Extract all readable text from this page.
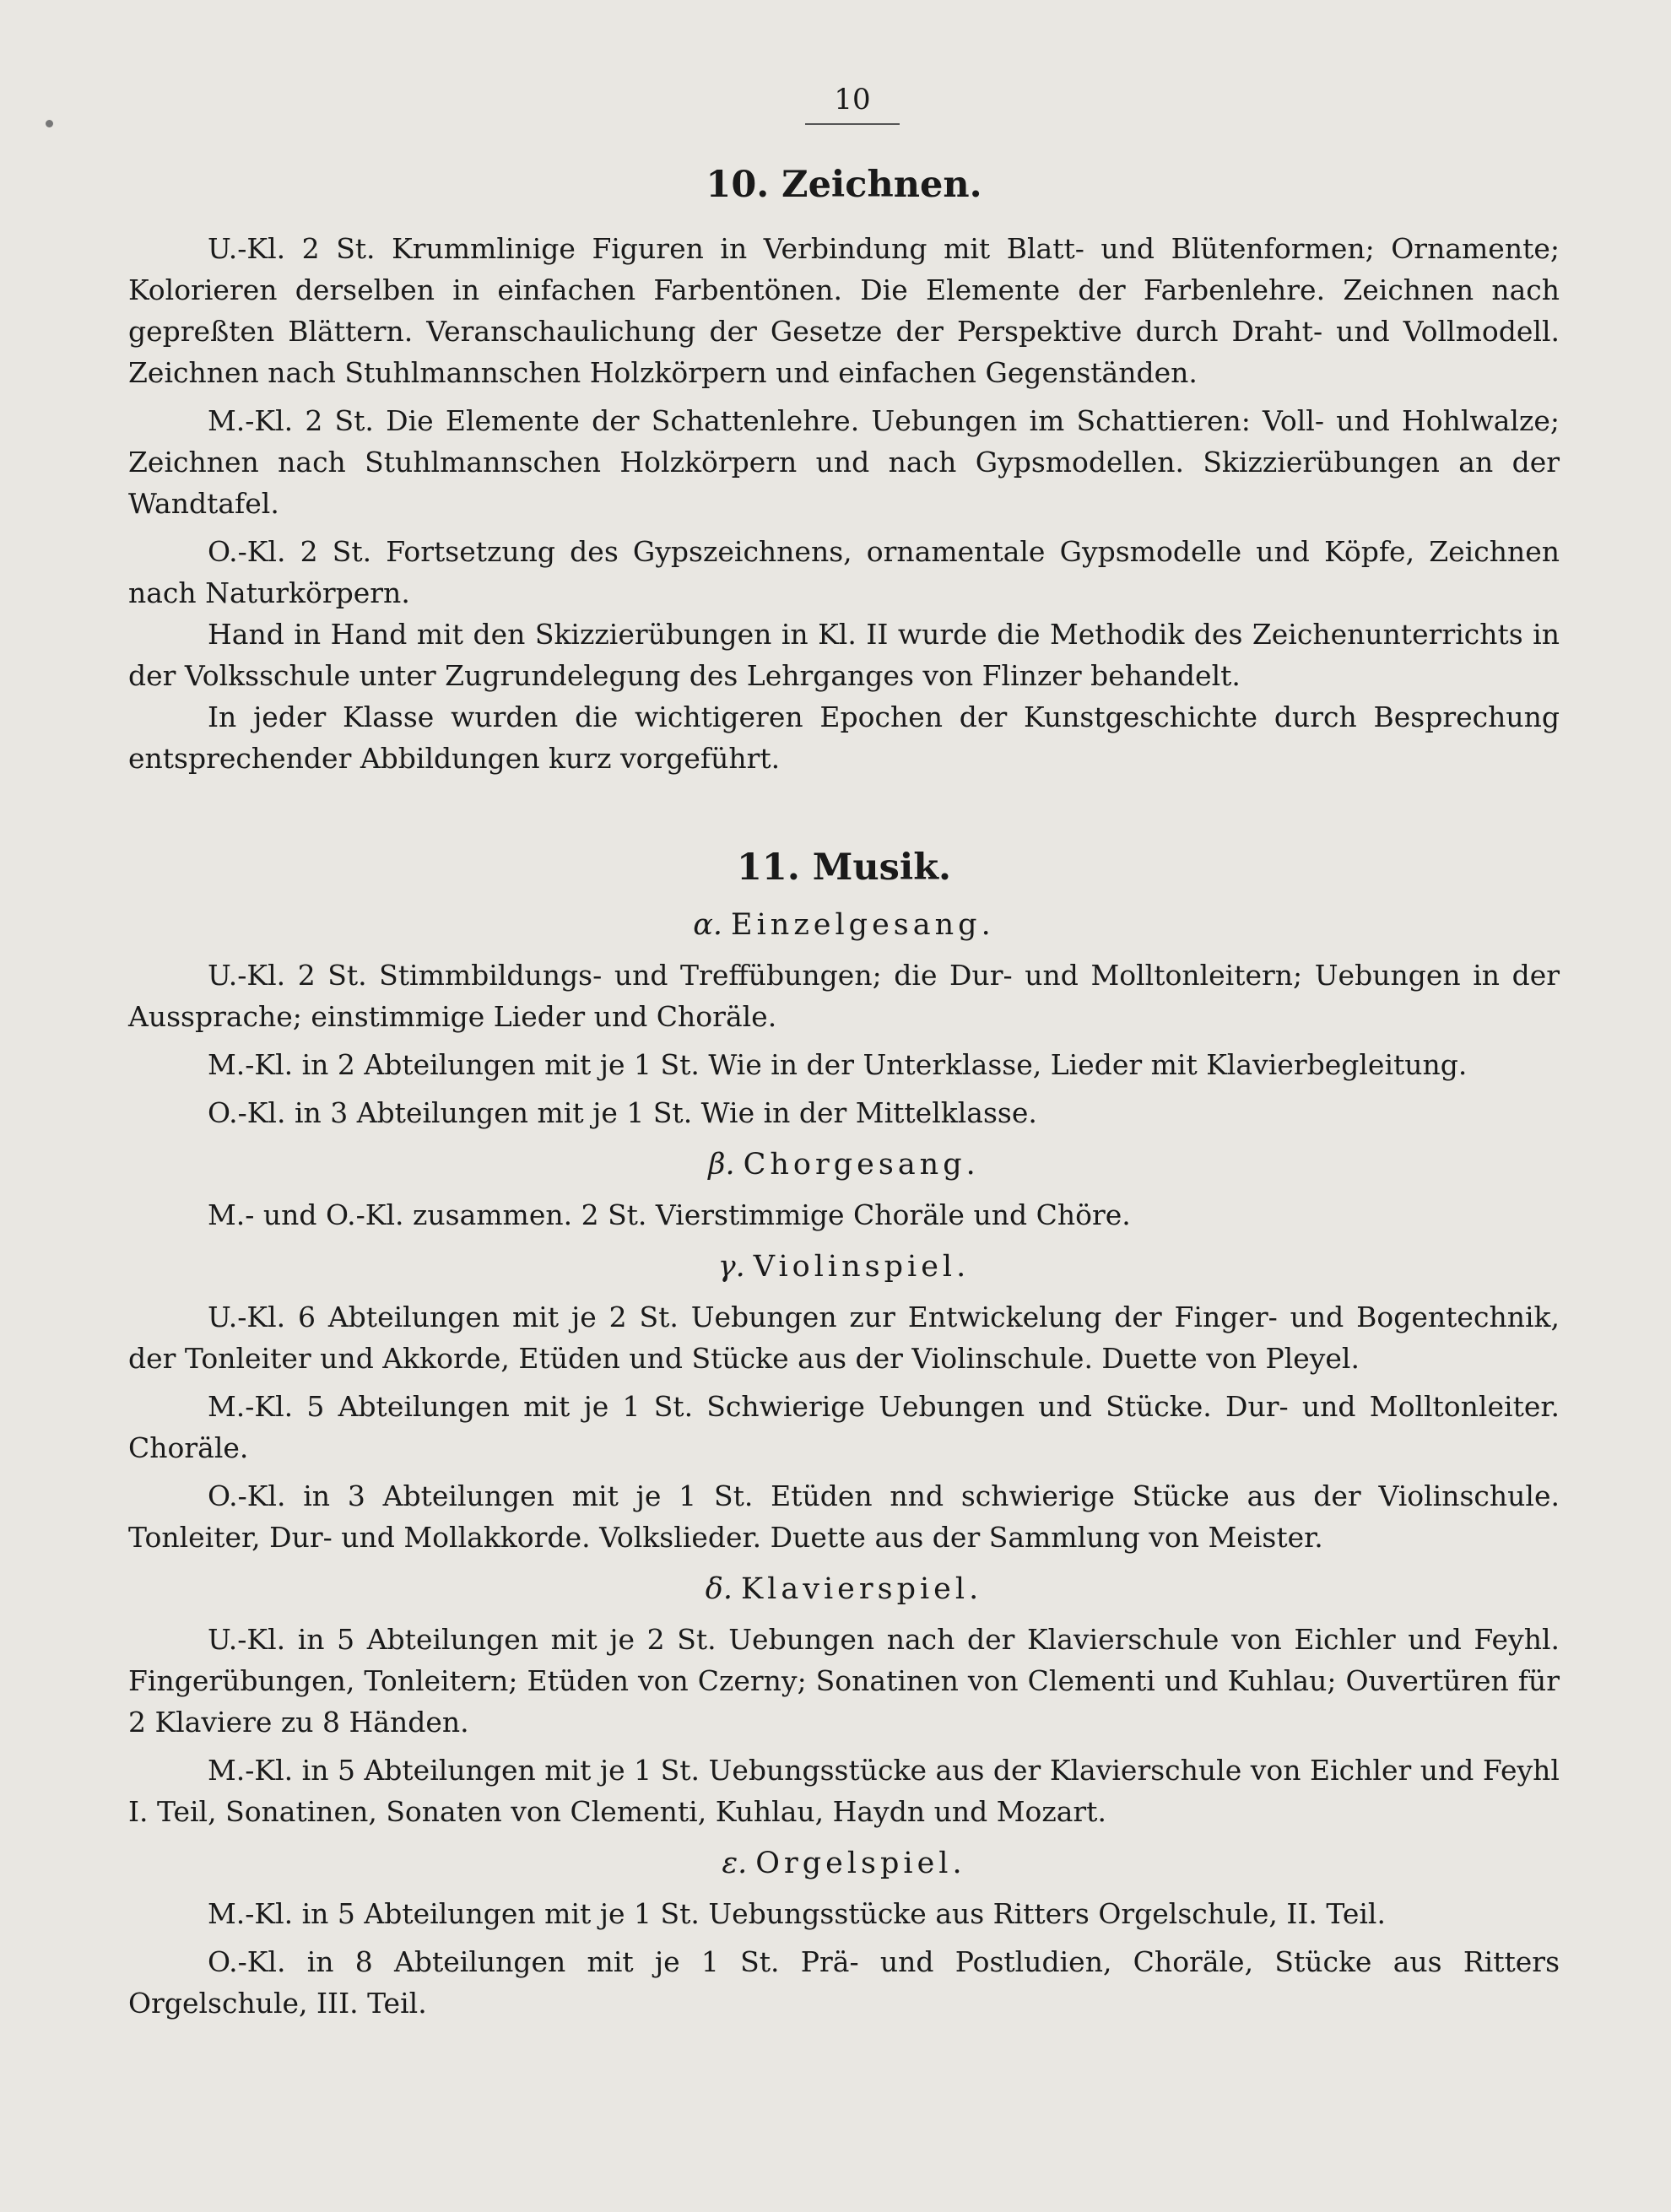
10
10. Zeichnen.

U.-Kl. 2 St. Krummlinige Figuren in Verbindung mit Blatt- und Blütenformen; Ornamente; Kolorieren derselben in einfachen Farbentönen. Die Elemente der Farbenlehre. Zeichnen nach gepreßten Blättern. Veranschaulichung der Gesetze der Perspektive durch Draht- und Vollmodell. Zeichnen nach Stuhlmannschen Holzkörpern und einfachen Gegenständen.

M.-Kl. 2 St. Die Elemente der Schattenlehre. Uebungen im Schattieren: Voll- und Hohlwalze; Zeichnen nach Stuhlmannschen Holzkörpern und nach Gypsmodellen. Skizzierübungen an der Wandtafel.

O.-Kl. 2 St. Fortsetzung des Gypszeichnens, ornamentale Gypsmodelle und Köpfe, Zeichnen nach Naturkörpern.

Hand in Hand mit den Skizzierübungen in Kl. II wurde die Methodik des Zeichenunterrichts in der Volksschule unter Zugrundelegung des Lehrganges von Flinzer behandelt.

In jeder Klasse wurden die wichtigeren Epochen der Kunstgeschichte durch Besprechung entsprechender Abbildungen kurz vorgeführt.

11. Musik.
α. Einzelgesang.

U.-Kl. 2 St. Stimmbildungs- und Treffübungen; die Dur- und Molltonleitern; Uebungen in der Aussprache; einstimmige Lieder und Choräle.

M.-Kl. in 2 Abteilungen mit je 1 St. Wie in der Unterklasse, Lieder mit Klavierbegleitung.

O.-Kl. in 3 Abteilungen mit je 1 St. Wie in der Mittelklasse.

β. Chorgesang.

M.- und O.-Kl. zusammen. 2 St. Vierstimmige Choräle und Chöre.

γ. Violinspiel.

U.-Kl. 6 Abteilungen mit je 2 St. Uebungen zur Entwickelung der Finger- und Bogentechnik, der Tonleiter und Akkorde, Etüden und Stücke aus der Violinschule. Duette von Pleyel.

M.-Kl. 5 Abteilungen mit je 1 St. Schwierige Uebungen und Stücke. Dur- und Molltonleiter. Choräle.

O.-Kl. in 3 Abteilungen mit je 1 St. Etüden nnd schwierige Stücke aus der Violinschule. Tonleiter, Dur- und Mollakkorde. Volkslieder. Duette aus der Sammlung von Meister.

δ. Klavierspiel.

U.-Kl. in 5 Abteilungen mit je 2 St. Uebungen nach der Klavierschule von Eichler und Feyhl. Fingerübungen, Tonleitern; Etüden von Czerny; Sonatinen von Clementi und Kuhlau; Ouvertüren für 2 Klaviere zu 8 Händen.

M.-Kl. in 5 Abteilungen mit je 1 St. Uebungsstücke aus der Klavierschule von Eichler und Feyhl I. Teil, Sonatinen, Sonaten von Clementi, Kuhlau, Haydn und Mozart.

ε. Orgelspiel.

M.-Kl. in 5 Abteilungen mit je 1 St. Uebungsstücke aus Ritters Orgelschule, II. Teil.

O.-Kl. in 8 Abteilungen mit je 1 St. Prä- und Postludien, Choräle, Stücke aus Ritters Orgelschule, III. Teil.
